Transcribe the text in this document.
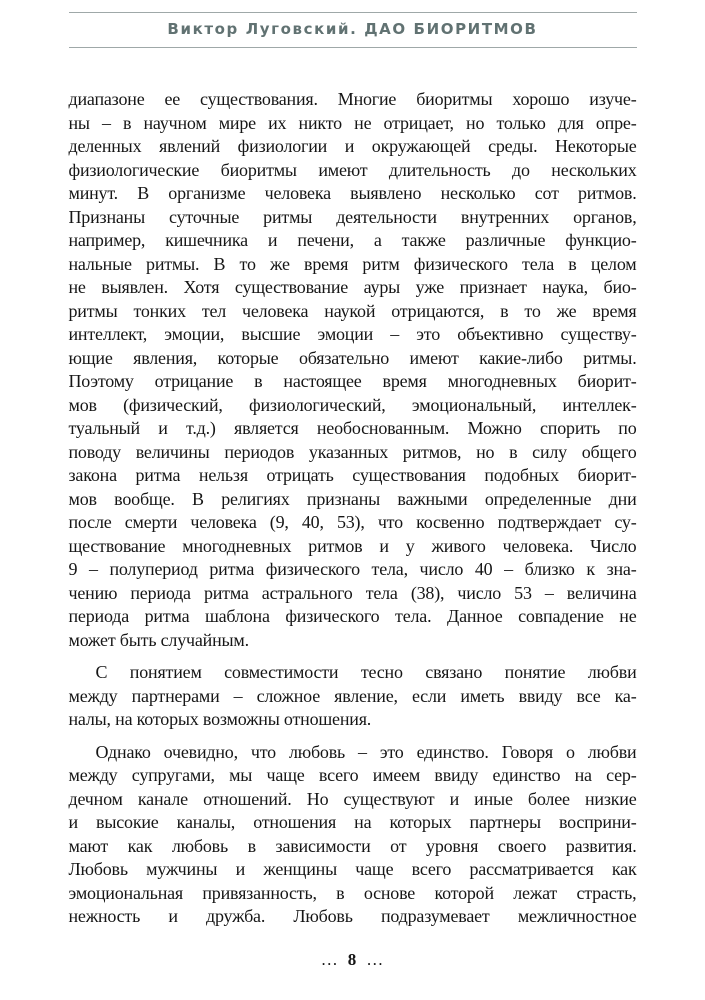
Виктор Луговский. ДАО БИОРИТМОВ
диапазоне ее существования. Многие биоритмы хорошо изуче-
ны – в научном мире их никто не отрицает, но только для опре-
деленных явлений физиологии и окружающей среды. Некоторые
физиологические биоритмы имеют длительность до нескольких
минут. В организме человека выявлено несколько сот ритмов.
Признаны суточные ритмы деятельности внутренних органов,
например, кишечника и печени, а также различные функцио-
нальные ритмы. В то же время ритм физического тела в целом
не выявлен. Хотя существование ауры уже признает наука, био-
ритмы тонких тел человека наукой отрицаются, в то же время
интеллект, эмоции, высшие эмоции – это объективно существу-
ющие явления, которые обязательно имеют какие-либо ритмы.
Поэтому отрицание в настоящее время многодневных биорит-
мов (физический, физиологический, эмоциональный, интеллек-
туальный и т.д.) является необоснованным. Можно спорить по
поводу величины периодов указанных ритмов, но в силу общего
закона ритма нельзя отрицать существования подобных биорит-
мов вообще. В религиях признаны важными определенные дни
после смерти человека (9, 40, 53), что косвенно подтверждает су-
ществование многодневных ритмов и у живого человека. Число
9 – полупериод ритма физического тела, число 40 – близко к зна-
чению периода ритма астрального тела (38), число 53 – величина
периода ритма шаблона физического тела. Данное совпадение не
может быть случайным.
С понятием совместимости тесно связано понятие любви
между партнерами – сложное явление, если иметь ввиду все ка-
налы, на которых возможны отношения.
Однако очевидно, что любовь – это единство. Говоря о любви
между супругами, мы чаще всего имеем ввиду единство на сер-
дечном канале отношений. Но существуют и иные более низкие
и высокие каналы, отношения на которых партнеры восприни-
мают как любовь в зависимости от уровня своего развития.
Любовь мужчины и женщины чаще всего рассматривается как
эмоциональная привязанность, в основе которой лежат страсть,
нежность и дружба. Любовь подразумевает межличностное
… 8 …
